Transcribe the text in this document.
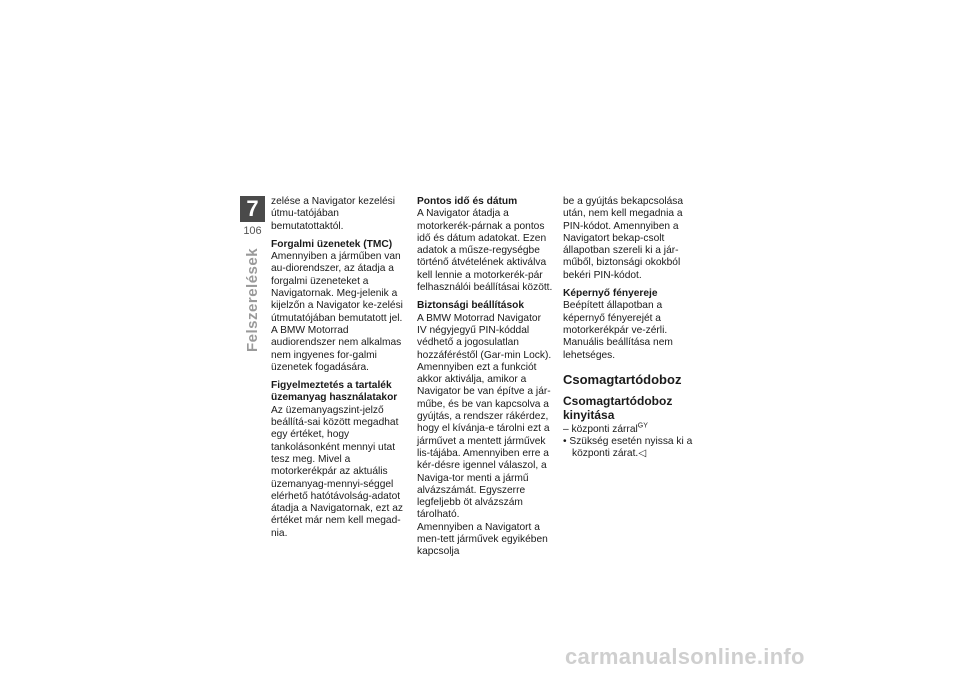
7
106
Felszerelések

zelése a Navigator kezelési útmu-tatójában bemutatottaktól.

Forgalmi üzenetek (TMC)

Amennyiben a járműben van au-diorendszer, az átadja a forgalmi üzeneteket a Navigatornak. Meg-jelenik a kijelzőn a Navigator ke-zelési útmutatójában bemutatott jel.

A BMW Motorrad audiorendszer nem alkalmas nem ingyenes for-galmi üzenetek fogadására.

Figyelmeztetés a tartalék üzemanyag használatakor

Az üzemanyagszint-jelző beállítá-sai között megadhat egy értéket, hogy tankolásonként mennyi utat tesz meg. Mivel a motorkerékpár az aktuális üzemanyag-mennyi-séggel elérhető hatótávolság-adatot átadja a Navigatornak, ezt az értéket már nem kell megad-nia.

Pontos idő és dátum

A Navigator átadja a motorkerék-párnak a pontos idő és dátum adatokat. Ezen adatok a műsze-regységbe történő átvételének aktiválva kell lennie a motorkerék-pár felhasználói beállításai között.

Biztonsági beállítások

A BMW Motorrad Navigator IV négyjegyű PIN-kóddal védhető a jogosulatlan hozzáféréstől (Gar-min Lock). Amennyiben ezt a funkciót akkor aktiválja, amikor a Navigator be van építve a jár-műbe, és be van kapcsolva a gyújtás, a rendszer rákérdez, hogy el kívánja-e tárolni ezt a járművet a mentett járművek lis-tájába. Amennyiben erre a kér-désre igennel válaszol, a Naviga-tor menti a jármű alvázszámát. Egyszerre legfeljebb öt alvázszám tárolható.

Amennyiben a Navigatort a men-tett járművek egyikében kapcsolja

be a gyújtás bekapcsolása után, nem kell megadnia a PIN-kódot. Amennyiben a Navigatort bekap-csolt állapotban szereli ki a jár-műből, biztonsági okokból bekéri PIN-kódot.

Képernyő fényereje

Beépített állapotban a képernyő fényerejét a motorkerékpár ve-zérli. Manuális beállítása nem lehetséges.

Csomagtartódoboz
Csomagtartódoboz kinyitása

– központi zárral$^{GY}$

• Szükség esetén nyissa ki a központi zárat.◁

carmanualsonline.info
